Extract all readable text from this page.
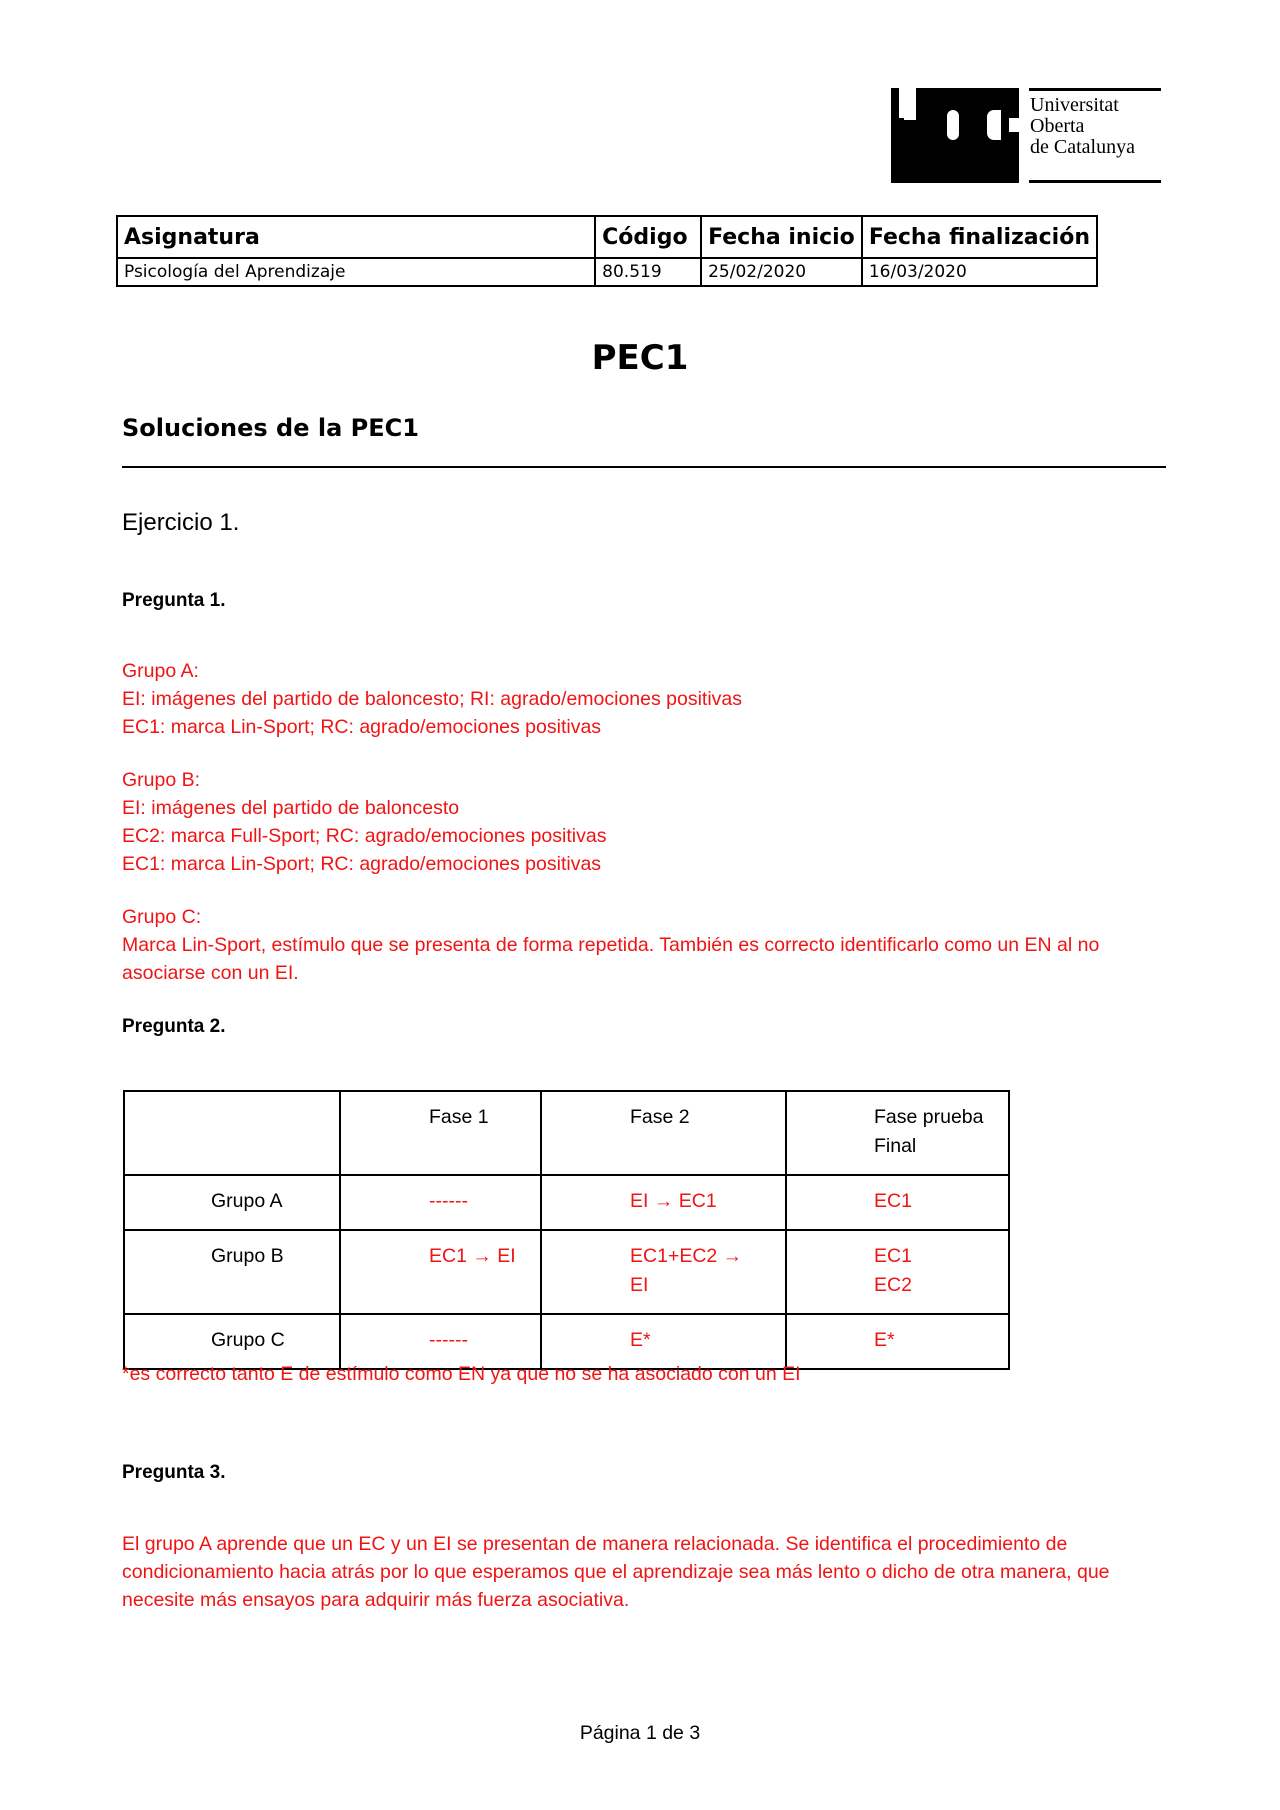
Universitat
Oberta
de Catalunya
Asignatura	Código	Fecha inicio	Fecha finalización
Psicología del Aprendizaje	80.519	25/02/2020	16/03/2020
PEC1
Soluciones de la PEC1
Ejercicio 1.
Pregunta 1.
Grupo A:
EI: imágenes del partido de baloncesto; RI: agrado/emociones positivas
EC1: marca Lin-Sport; RC: agrado/emociones positivas
Grupo B:
EI: imágenes del partido de baloncesto
EC2: marca Full-Sport; RC: agrado/emociones positivas
EC1: marca Lin-Sport; RC: agrado/emociones positivas
Grupo C:
Marca Lin-Sport, estímulo que se presenta de forma repetida. También es correcto identificarlo como un EN al no asociarse con un EI.
Pregunta 2.

	Fase 1	Fase 2	Fase prueba Final

Grupo A	------	EI → EC1	EC1

Grupo B	EC1 → EI	EC1+EC2 → EI	EC1 EC2

Grupo C	------	E*	E*
*es correcto tanto E de estímulo como EN ya que no se ha asociado con un EI
Pregunta 3.
El grupo A aprende que un EC y un EI se presentan de manera relacionada. Se identifica el procedimiento de condicionamiento hacia atrás por lo que esperamos que el aprendizaje sea más lento o dicho de otra manera, que necesite más ensayos para adquirir más fuerza asociativa.
Página 1 de 3
